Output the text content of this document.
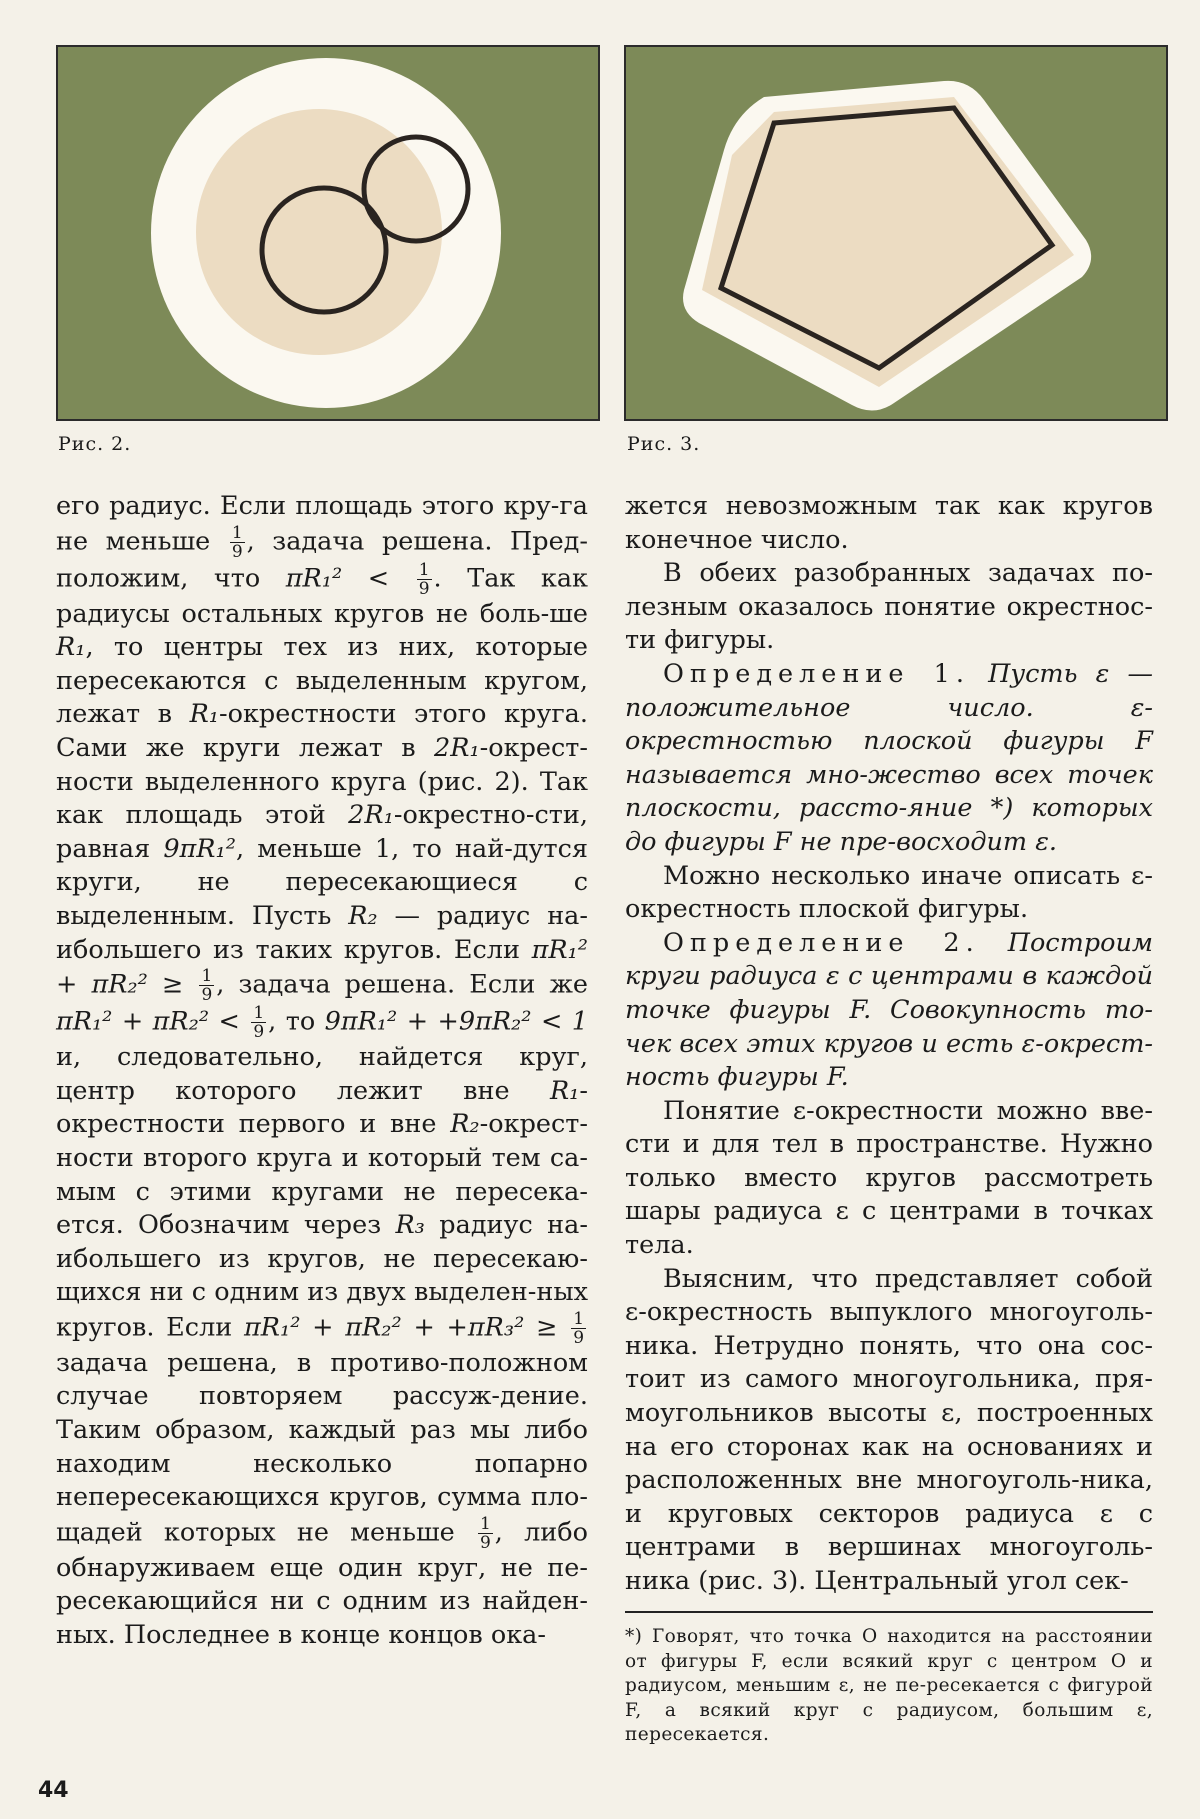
Рис. 2.	Рис. 3.

его радиус. Если площадь этого кру-га не меньше $\frac{1}{9}$ , задача решена. Пред-положим, что $\pi R_1^2 < \frac{1}{9}$ . Так как радиусы остальных кругов не боль-ше R₁, то центры тех из них, которые пересекаются с выделенным кругом, лежат в R₁-окрестности этого круга. Сами же круги лежат в 2R₁-окрест-ности выделенного круга (рис. 2). Так как площадь этой 2R₁-окрестно-сти, равная 9πR₁², меньше 1, то най-дутся круги, не пересекающиеся с выделенным. Пусть R₂ — радиус на-ибольшего из таких кругов. Если $\pi R_1^2 + \pi R_2^2 \ge \frac{1}{9}$ , задача решена. Если же $\pi R_1^2 + \pi R_2^2 < \frac{1}{9}$ , то 9πR₁² + +9πR₂² < 1 и, следовательно, найдется круг, центр которого лежит вне R₁-окрестности первого и вне R₂-окрест-ности второго круга и который тем са-мым с этими кругами не пересека-ется. Обозначим через R₃ радиус на-ибольшего из кругов, не пересекаю-щихся ни с одним из двух выделен-ных кругов. Если $\pi R_1^2 + \pi R_2^2 + +\pi R_3^2 \ge \frac{1}{9}$
задача решена, в противо-положном случае повторяем рассуж-дение. Таким образом, каждый раз мы либо находим несколько попарно непересекающихся кругов, сумма пло-щадей которых не меньше $\frac{1}{9}$ , либо обнаруживаем еще один круг, не пе-ресекающийся ни с одним из найден-ных. Последнее в конце концов ока-

жется невозможным так как кругов конечное число.

В обеих разобранных задачах по-лезным оказалось понятие окрестнос-ти фигуры.

Определение 1. Пусть ε — положительное число. ε-окрестностью плоской фигуры F называется мно-жество всех точек плоскости, рассто-яние *) которых до фигуры F не пре-восходит ε.

Можно несколько иначе описать ε-окрестность плоской фигуры.

Определение 2. Построим круги радиуса ε с центрами в каждой точке фигуры F. Совокупность то-чек всех этих кругов и есть ε-окрест-ность фигуры F.

Понятие ε-окрестности можно вве-сти и для тел в пространстве. Нужно только вместо кругов рассмотреть шары радиуса ε с центрами в точках тела.

Выясним, что представляет собой ε-окрестность выпуклого многоуголь-ника. Нетрудно понять, что она сос-тоит из самого многоугольника, пря-моугольников высоты ε, построенных на его сторонах как на основаниях и расположенных вне многоуголь-ника, и круговых секторов радиуса ε с центрами в вершинах многоуголь-ника (рис. 3). Центральный угол сек-

*) Говорят, что точка O находится на расстоянии от фигуры F, если всякий круг с центром O и радиусом, меньшим ε, не пе-ресекается с фигурой F, а всякий круг с радиусом, большим ε, пересекается.
44
